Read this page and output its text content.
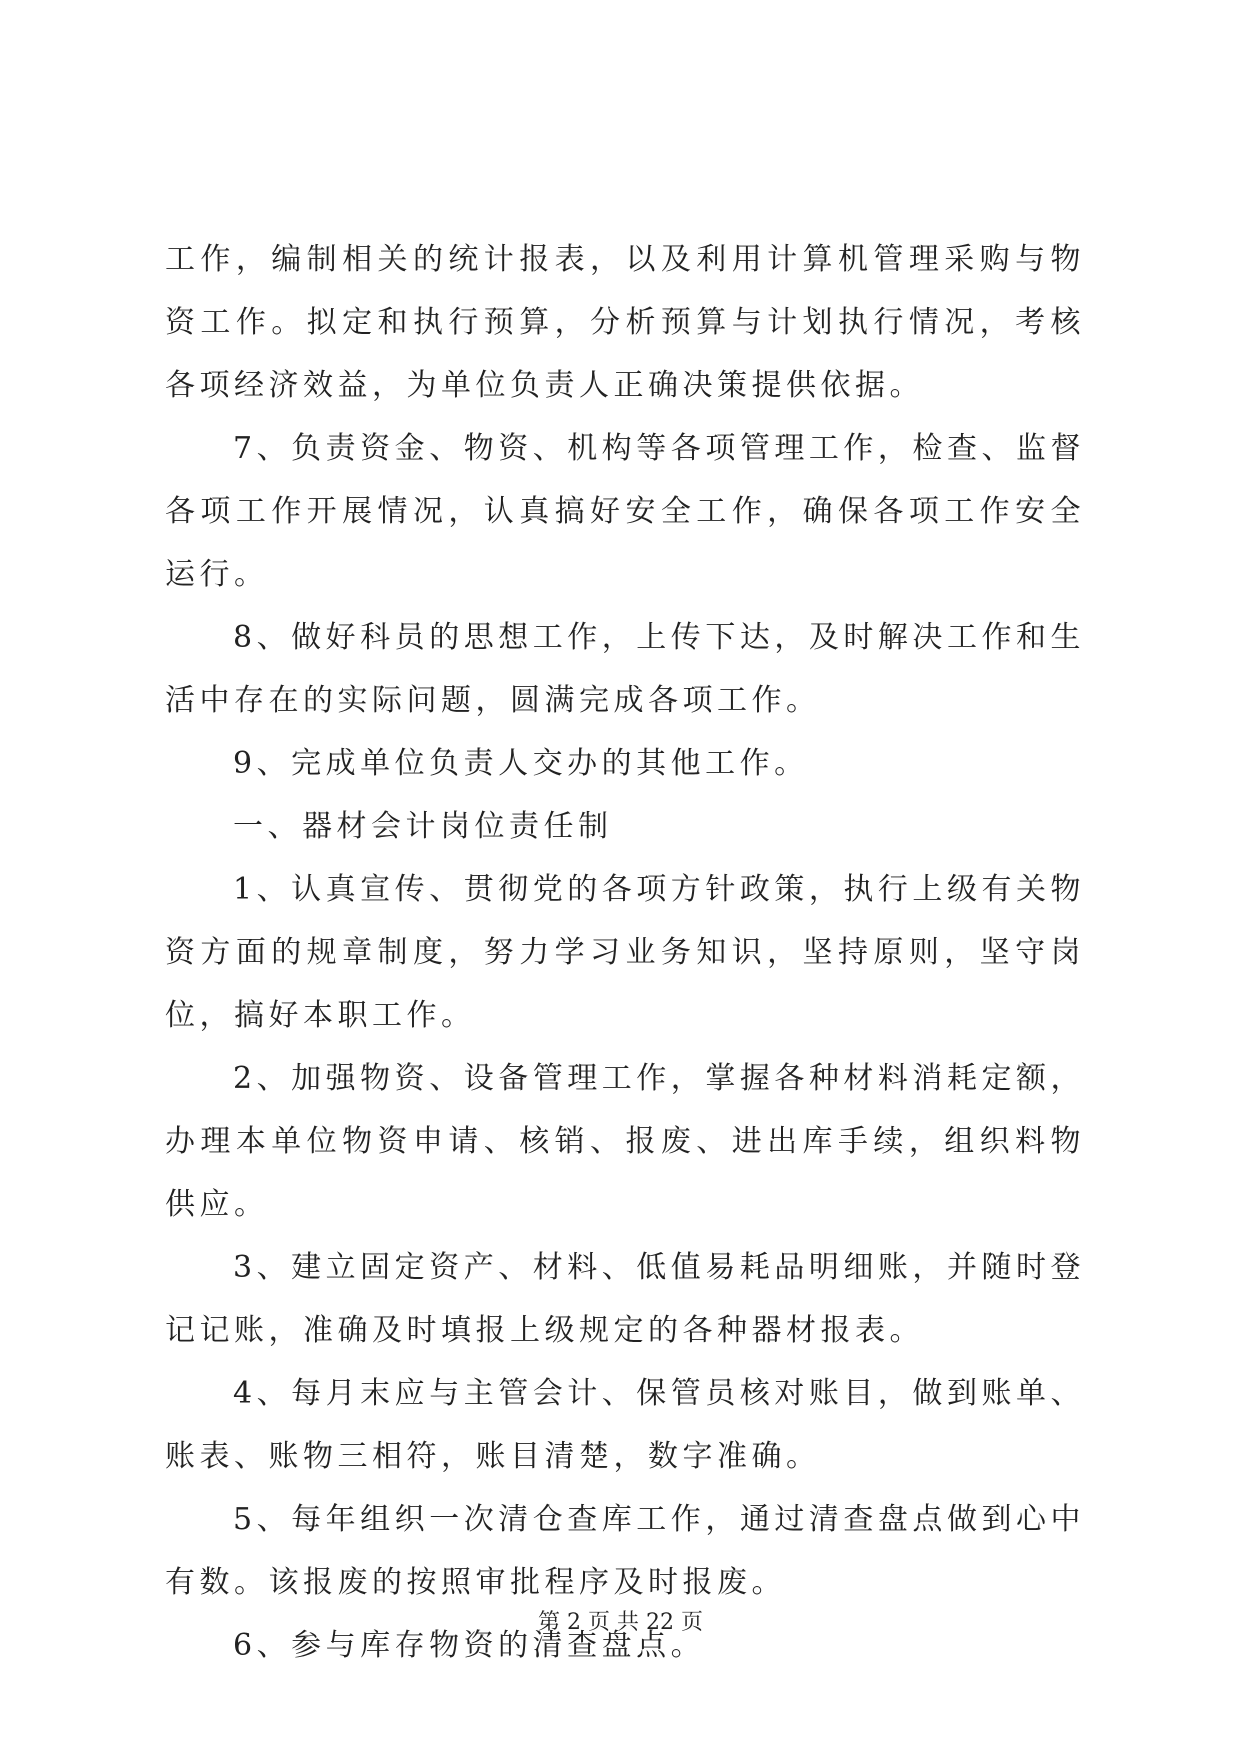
工作，编制相关的统计报表，以及利用计算机管理采购与物资工作。拟定和执行预算，分析预算与计划执行情况，考核各项经济效益，为单位负责人正确决策提供依据。

7、负责资金、物资、机构等各项管理工作，检查、监督各项工作开展情况，认真搞好安全工作，确保各项工作安全运行。

8、做好科员的思想工作，上传下达，及时解决工作和生活中存在的实际问题，圆满完成各项工作。

9、完成单位负责人交办的其他工作。

一、器材会计岗位责任制

1、认真宣传、贯彻党的各项方针政策，执行上级有关物资方面的规章制度，努力学习业务知识，坚持原则，坚守岗位，搞好本职工作。

2、加强物资、设备管理工作，掌握各种材料消耗定额，办理本单位物资申请、核销、报废、进出库手续，组织料物供应。

3、建立固定资产、材料、低值易耗品明细账，并随时登记记账，准确及时填报上级规定的各种器材报表。

4、每月末应与主管会计、保管员核对账目，做到账单、账表、账物三相符，账目清楚，数字准确。

5、每年组织一次清仓查库工作，通过清查盘点做到心中有数。该报废的按照审批程序及时报废。

6、参与库存物资的清查盘点。

第 2 页 共 22 页
